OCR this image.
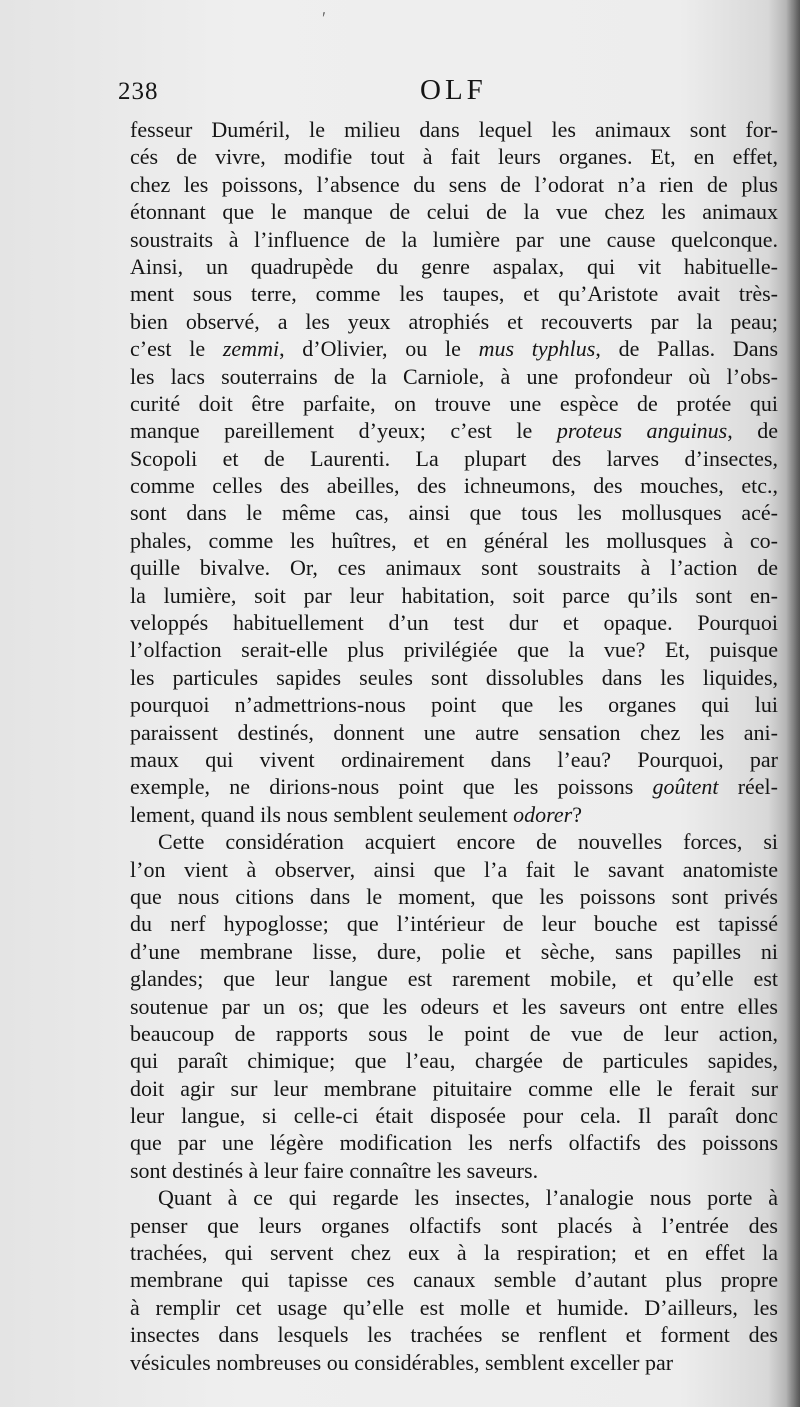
ʹ
238	OLF
fesseur Duméril, le milieu dans lequel les animaux sont for-
cés de vivre, modifie tout à fait leurs organes. Et, en effet,
chez les poissons, l’absence du sens de l’odorat n’a rien de plus
étonnant que le manque de celui de la vue chez les animaux
soustraits à l’influence de la lumière par une cause quelconque.
Ainsi, un quadrupède du genre aspalax, qui vit habituelle-
ment sous terre, comme les taupes, et qu’Aristote avait très-
bien observé, a les yeux atrophiés et recouverts par la peau;
c’est le zemmi, d’Olivier, ou le mus typhlus, de Pallas. Dans
les lacs souterrains de la Carniole, à une profondeur où l’obs-
curité doit être parfaite, on trouve une espèce de protée qui
manque pareillement d’yeux; c’est le proteus anguinus, de
Scopoli et de Laurenti. La plupart des larves d’insectes,
comme celles des abeilles, des ichneumons, des mouches, etc.,
sont dans le même cas, ainsi que tous les mollusques acé-
phales, comme les huîtres, et en général les mollusques à co-
quille bivalve. Or, ces animaux sont soustraits à l’action de
la lumière, soit par leur habitation, soit parce qu’ils sont en-
veloppés habituellement d’un test dur et opaque. Pourquoi
l’olfaction serait-elle plus privilégiée que la vue? Et, puisque
les particules sapides seules sont dissolubles dans les liquides,
pourquoi n’admettrions-nous point que les organes qui lui
paraissent destinés, donnent une autre sensation chez les ani-
maux qui vivent ordinairement dans l’eau? Pourquoi, par
exemple, ne dirions-nous point que les poissons goûtent réel-
lement, quand ils nous semblent seulement odorer?
Cette considération acquiert encore de nouvelles forces, si
l’on vient à observer, ainsi que l’a fait le savant anatomiste
que nous citions dans le moment, que les poissons sont privés
du nerf hypoglosse; que l’intérieur de leur bouche est tapissé
d’une membrane lisse, dure, polie et sèche, sans papilles ni
glandes; que leur langue est rarement mobile, et qu’elle est
soutenue par un os; que les odeurs et les saveurs ont entre elles
beaucoup de rapports sous le point de vue de leur action,
qui paraît chimique; que l’eau, chargée de particules sapides,
doit agir sur leur membrane pituitaire comme elle le ferait sur
leur langue, si celle-ci était disposée pour cela. Il paraît donc
que par une légère modification les nerfs olfactifs des poissons
sont destinés à leur faire connaître les saveurs.
Quant à ce qui regarde les insectes, l’analogie nous porte à
penser que leurs organes olfactifs sont placés à l’entrée des
trachées, qui servent chez eux à la respiration; et en effet la
membrane qui tapisse ces canaux semble d’autant plus propre
à remplir cet usage qu’elle est molle et humide. D’ailleurs, les
insectes dans lesquels les trachées se renflent et forment des
vésicules nombreuses ou considérables, semblent exceller par
